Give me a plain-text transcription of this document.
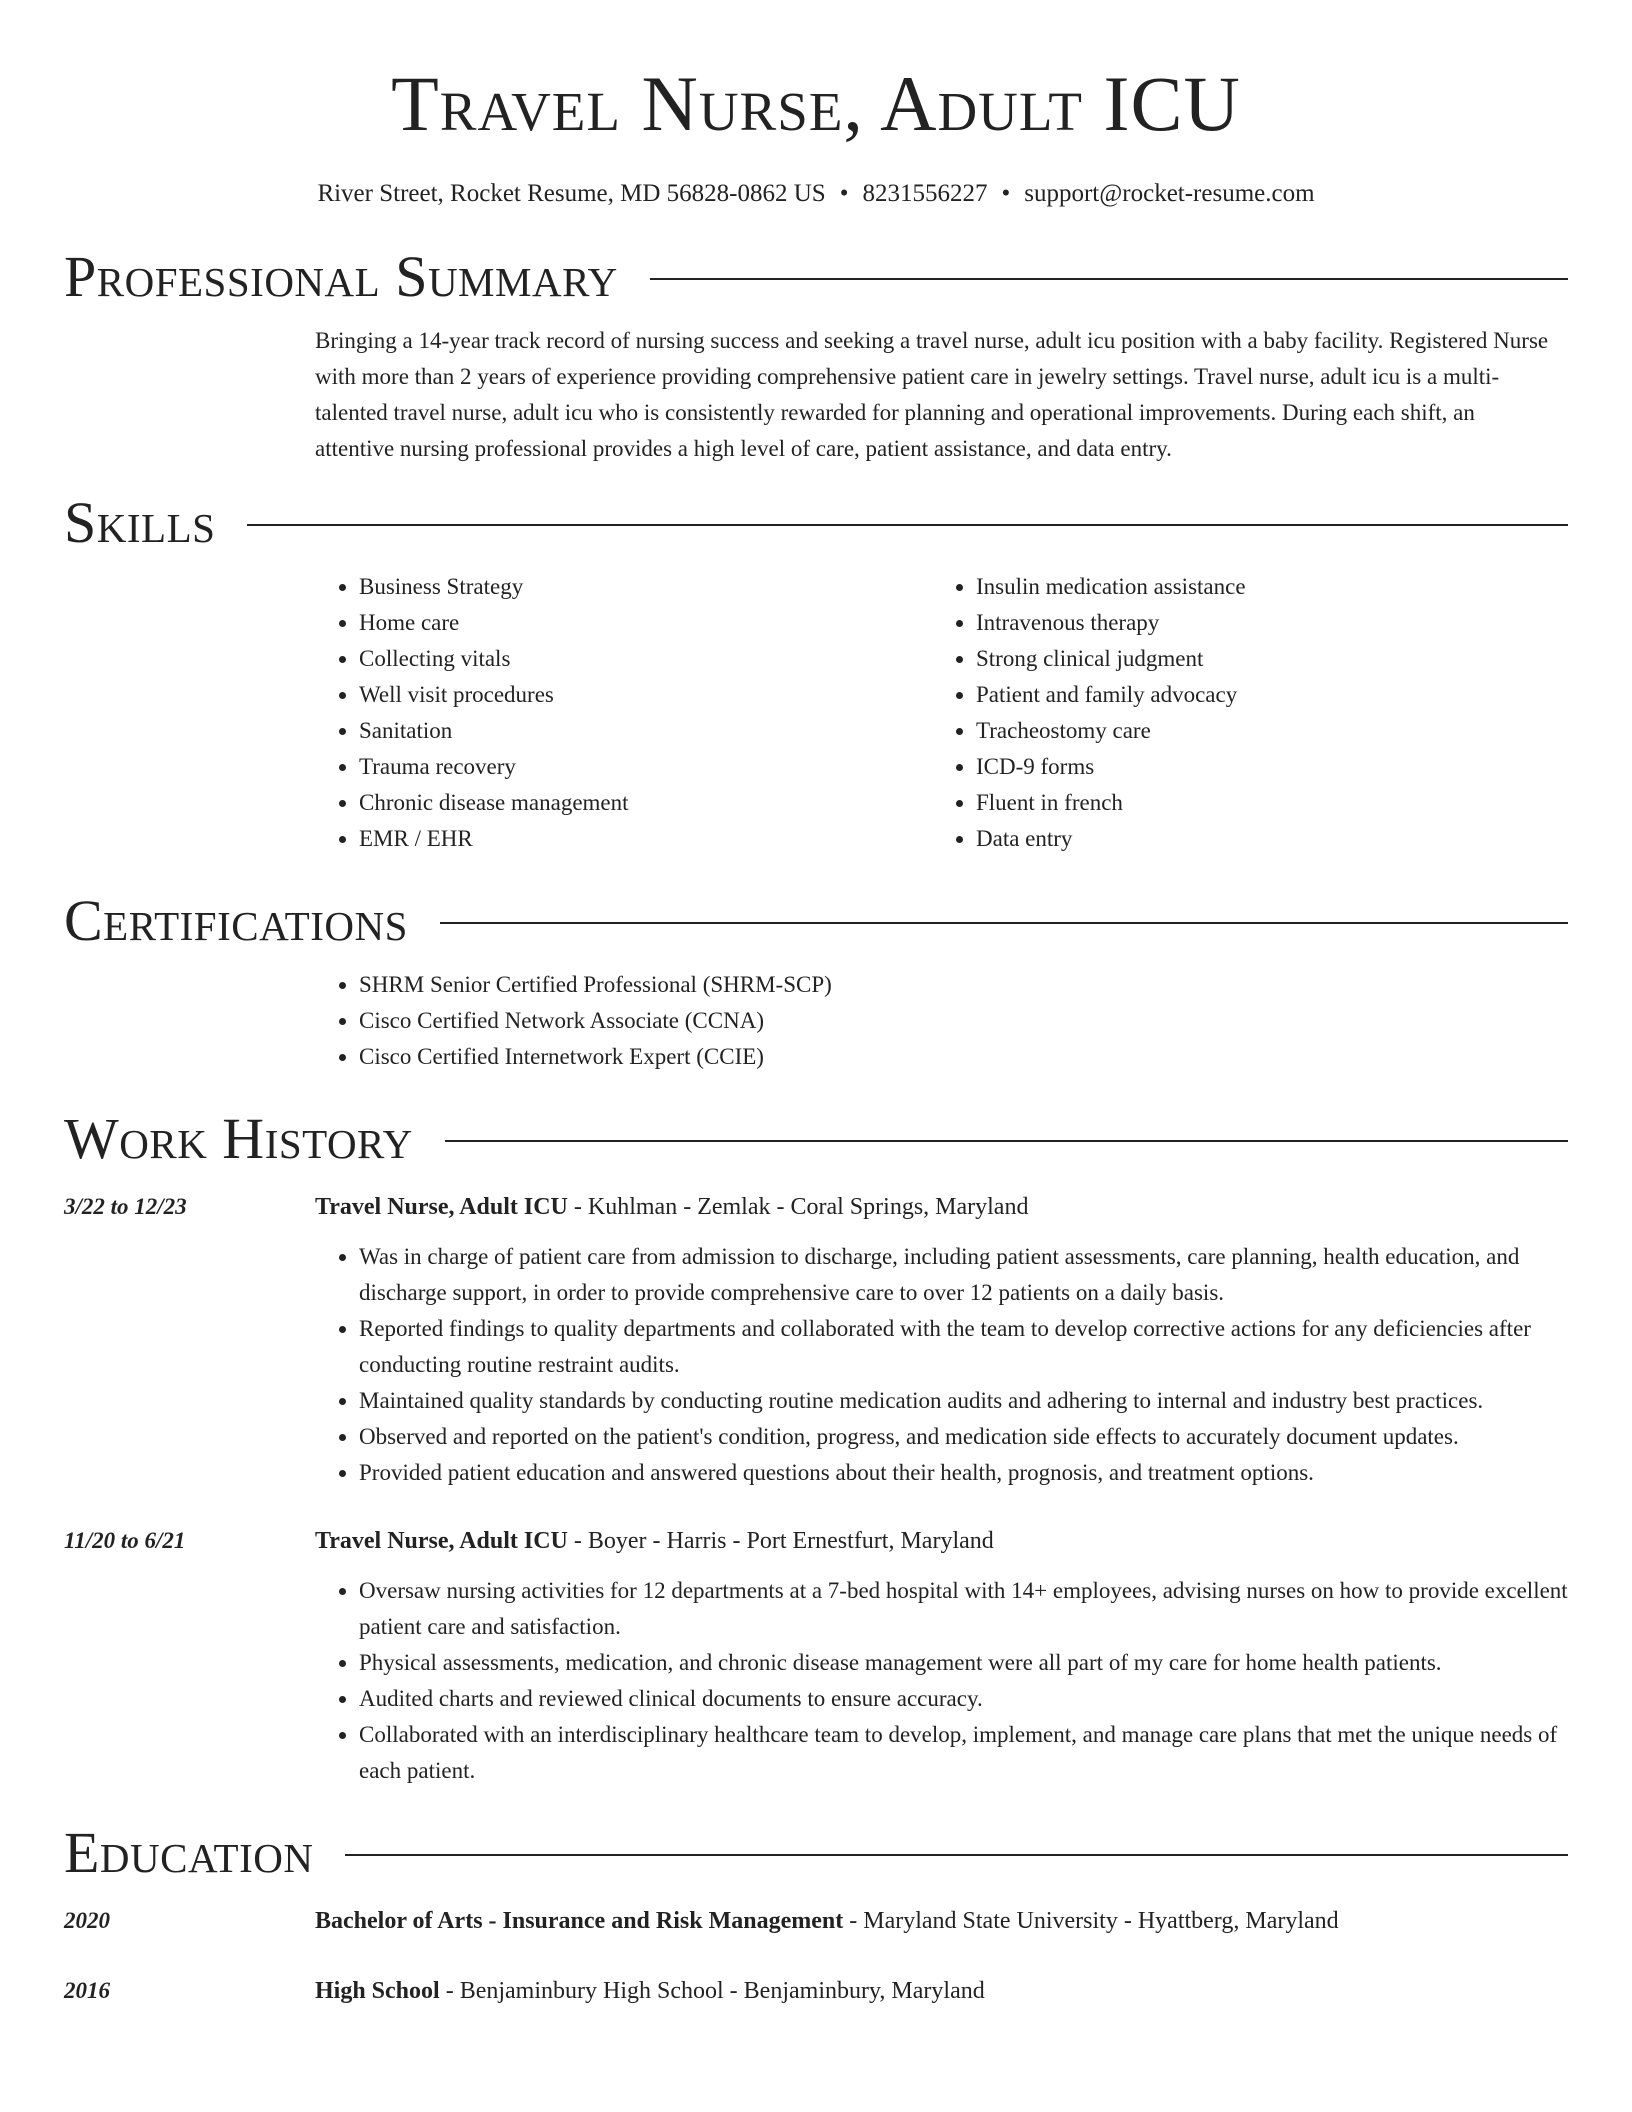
Travel Nurse, Adult ICU
River Street, Rocket Resume, MD 56828-0862 US • 8231556227 • support@rocket-resume.com
Professional Summary

Bringing a 14-year track record of nursing success and seeking a travel nurse, adult icu position with a baby facility. Registered Nurse with more than 2 years of experience providing comprehensive patient care in jewelry settings. Travel nurse, adult icu is a multi-talented travel nurse, adult icu who is consistently rewarded for planning and operational improvements. During each shift, an attentive nursing professional provides a high level of care, patient assistance, and data entry.

Skills
• Business Strategy
• Home care
• Collecting vitals
• Well visit procedures
• Sanitation
• Trauma recovery
• Chronic disease management
• EMR / EHR
• Insulin medication assistance
• Intravenous therapy
• Strong clinical judgment
• Patient and family advocacy
• Tracheostomy care
• ICD-9 forms
• Fluent in french
• Data entry
Certifications
• SHRM Senior Certified Professional (SHRM-SCP)
• Cisco Certified Network Associate (CCNA)
• Cisco Certified Internetwork Expert (CCIE)
Work History
3/22 to 12/23	Travel Nurse, Adult ICU - Kuhlman - Zemlak - Coral Springs, Maryland
• Was in charge of patient care from admission to discharge, including patient assessments, care planning, health education, and discharge support, in order to provide comprehensive care to over 12 patients on a daily basis.
• Reported findings to quality departments and collaborated with the team to develop corrective actions for any deficiencies after conducting routine restraint audits.
• Maintained quality standards by conducting routine medication audits and adhering to internal and industry best practices.
• Observed and reported on the patient's condition, progress, and medication side effects to accurately document updates.
• Provided patient education and answered questions about their health, prognosis, and treatment options.
11/20 to 6/21	Travel Nurse, Adult ICU - Boyer - Harris - Port Ernestfurt, Maryland
• Oversaw nursing activities for 12 departments at a 7-bed hospital with 14+ employees, advising nurses on how to provide excellent patient care and satisfaction.
• Physical assessments, medication, and chronic disease management were all part of my care for home health patients.
• Audited charts and reviewed clinical documents to ensure accuracy.
• Collaborated with an interdisciplinary healthcare team to develop, implement, and manage care plans that met the unique needs of each patient.
Education
2020	Bachelor of Arts - Insurance and Risk Management - Maryland State University - Hyattberg, Maryland
2016	High School - Benjaminbury High School - Benjaminbury, Maryland
